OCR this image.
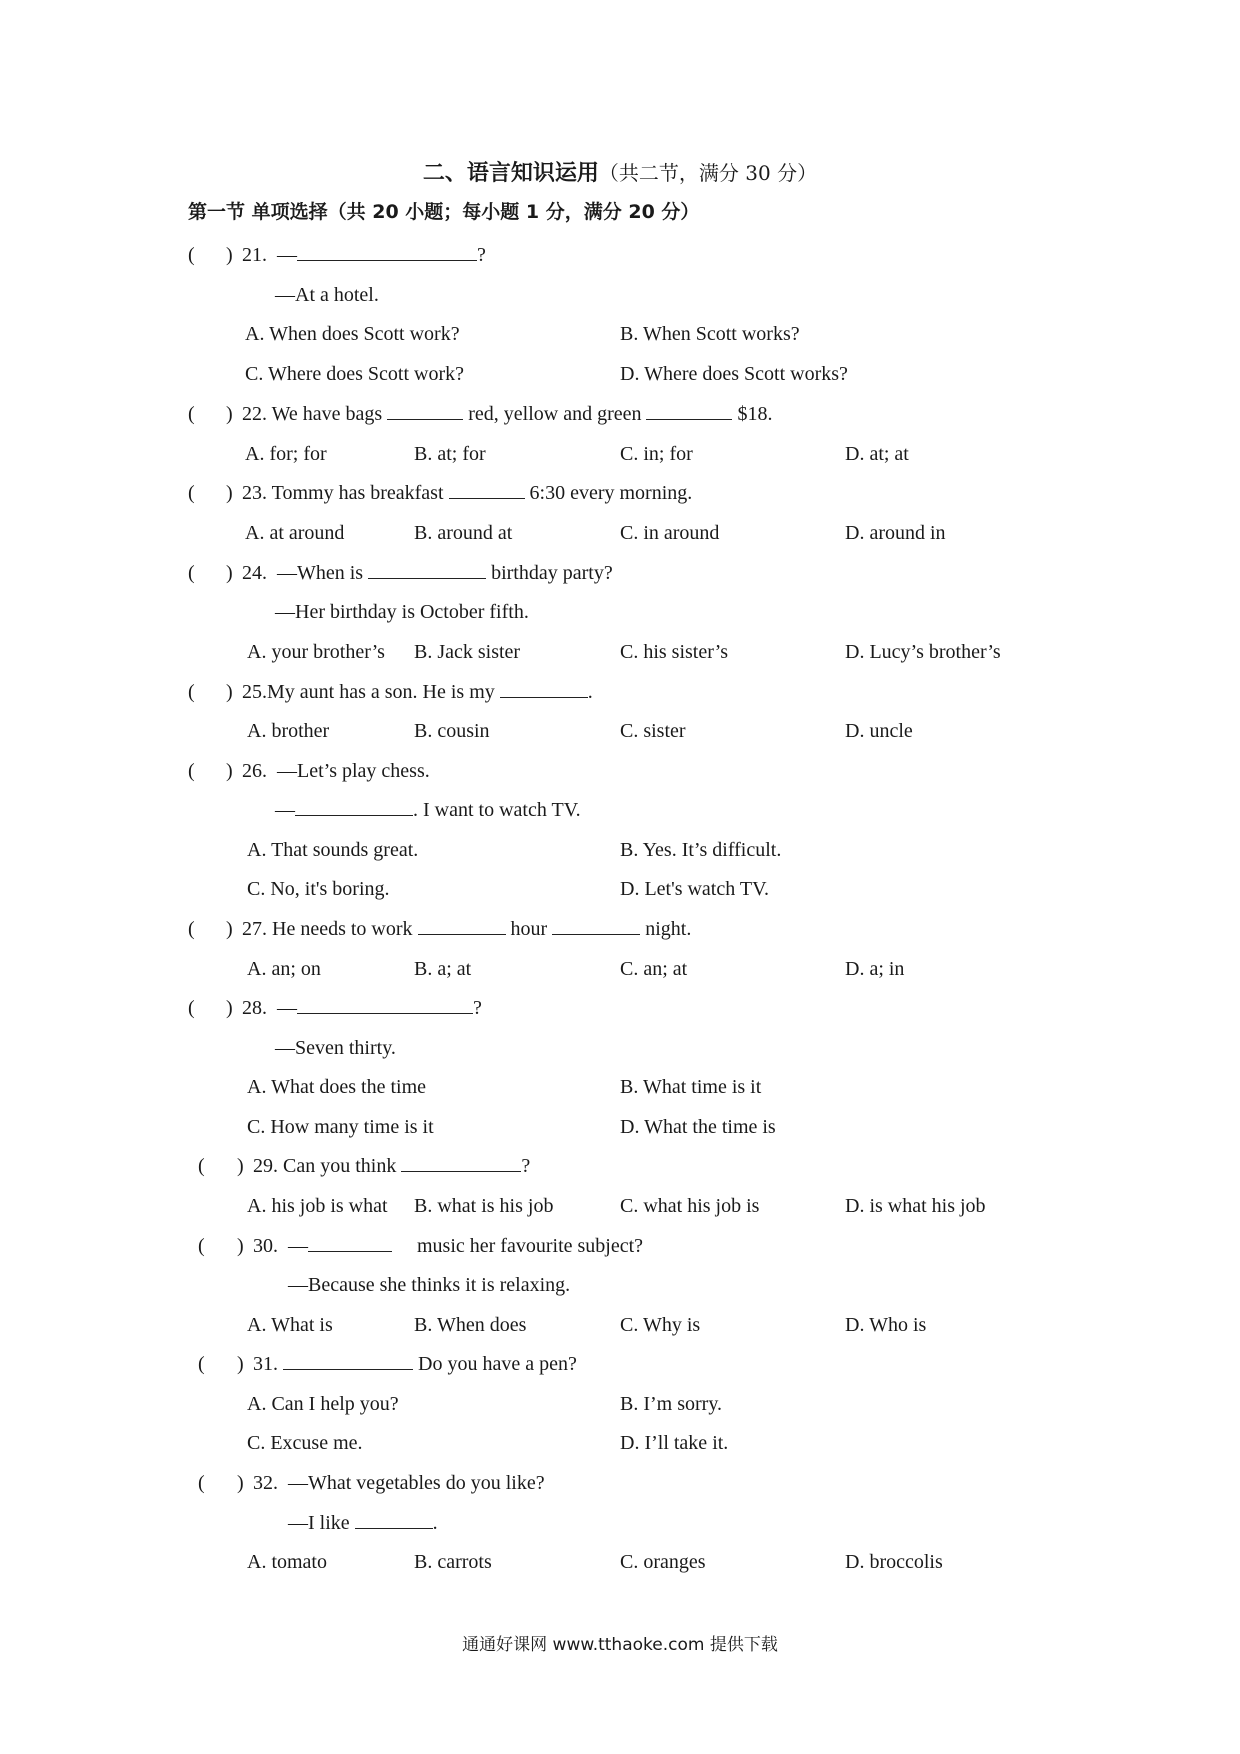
二、语言知识运用（共二节，满分 30 分）
第一节 单项选择（共 20 小题；每小题 1 分，满分 20 分）
( ) 21. —	?
—At a hotel.
A. When does Scott work?	B. When Scott works?
C. Where does Scott work?	D. Where does Scott works?
( ) 22. We have bags	red, yellow and green	$18.
A. for; for	B. at; for	C. in; for	D. at; at
( ) 23. Tommy has breakfast	6:30 every morning.
A. at around	B. around at	C. in around	D. around in
( ) 24. —When is	birthday party?
—Her birthday is October fifth.
A. your brother’s B. Jack sister	C. his sister’s	D. Lucy’s brother’s
( ) 25.My aunt has a son. He is my	.
A. brother	B. cousin	C. sister	D. uncle
( ) 26. —Let’s play chess.
—	. I want to watch TV.
A. That sounds great.	B. Yes. It’s difficult.
C. No, it's boring.	D. Let's watch TV.
( ) 27. He needs to work	hour	night.
A. an; on	B. a; at	C. an; at	D. a; in
( ) 28. —	?
—Seven thirty.
A. What does the time	B. What time is it
C. How many time is it	D. What the time is
( ) 29. Can you think	?
A. his job is what B. what is his job	C. what his job is	D. is what his job
( ) 30. —	music her favourite subject?
—Because she thinks it is relaxing.
A. What is	B. When does	C. Why is	D. Who is
( ) 31.	Do you have a pen?
A. Can I help you?	B. I’m sorry.
C. Excuse me.	D. I’ll take it.
( ) 32. —What vegetables do you like?
—I like	.
A. tomato	B. carrots	C. oranges	D. broccolis
通通好课网 www.tthaoke.com 提供下载
